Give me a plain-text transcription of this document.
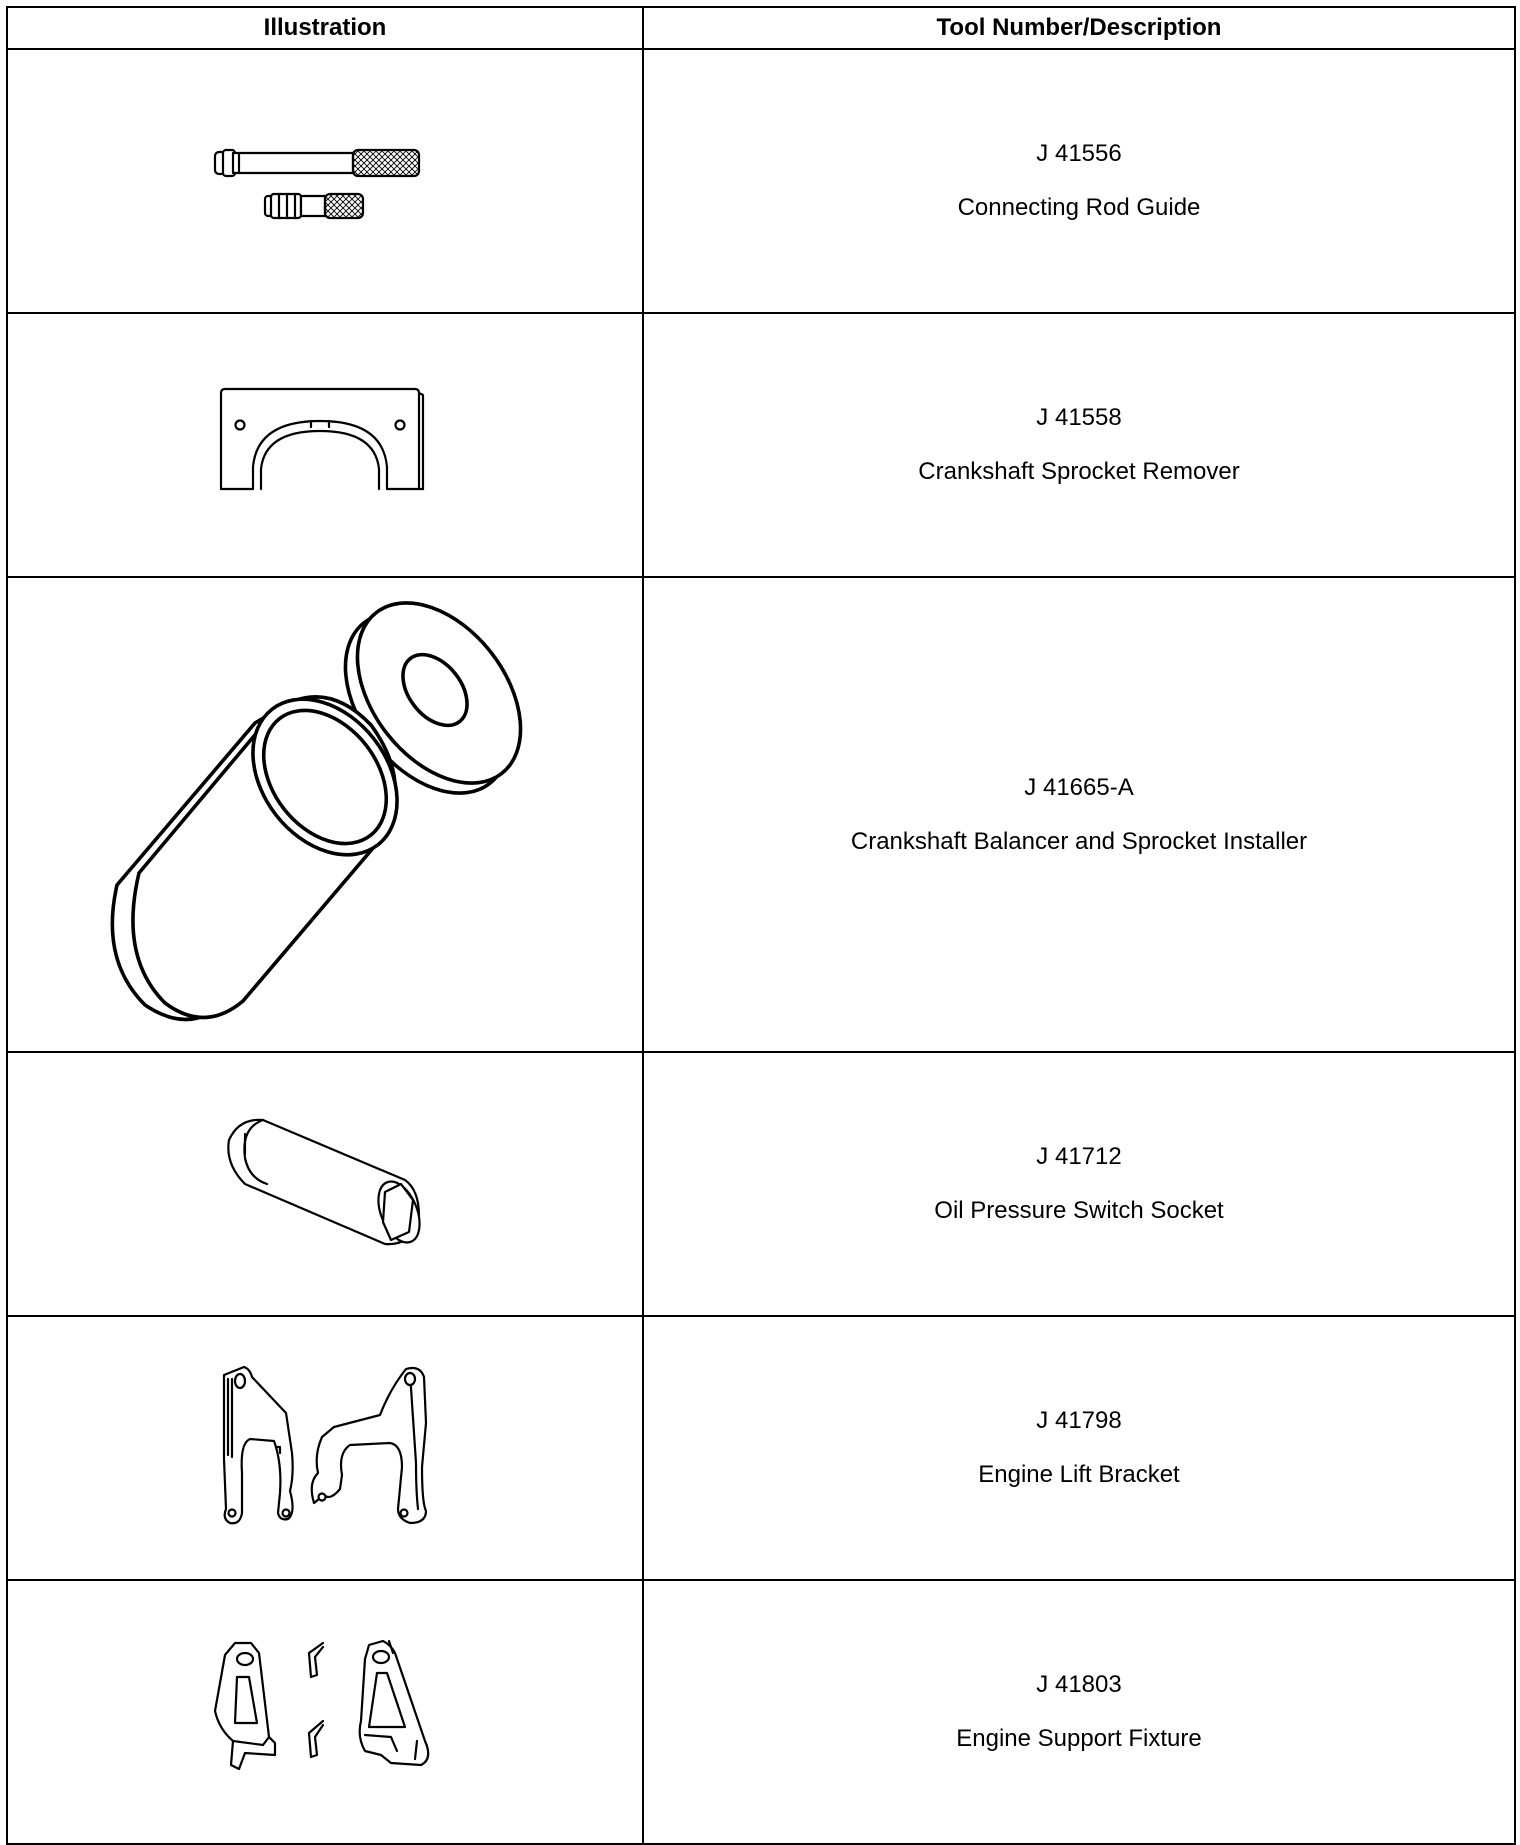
Illustration	Tool Number/Description

J 41556
Connecting Rod Guide

J 41558
Crankshaft Sprocket Remover

J 41665-A
Crankshaft Balancer and Sprocket Installer

J 41712
Oil Pressure Switch Socket

J 41798
Engine Lift Bracket

J 41803
Engine Support Fixture
